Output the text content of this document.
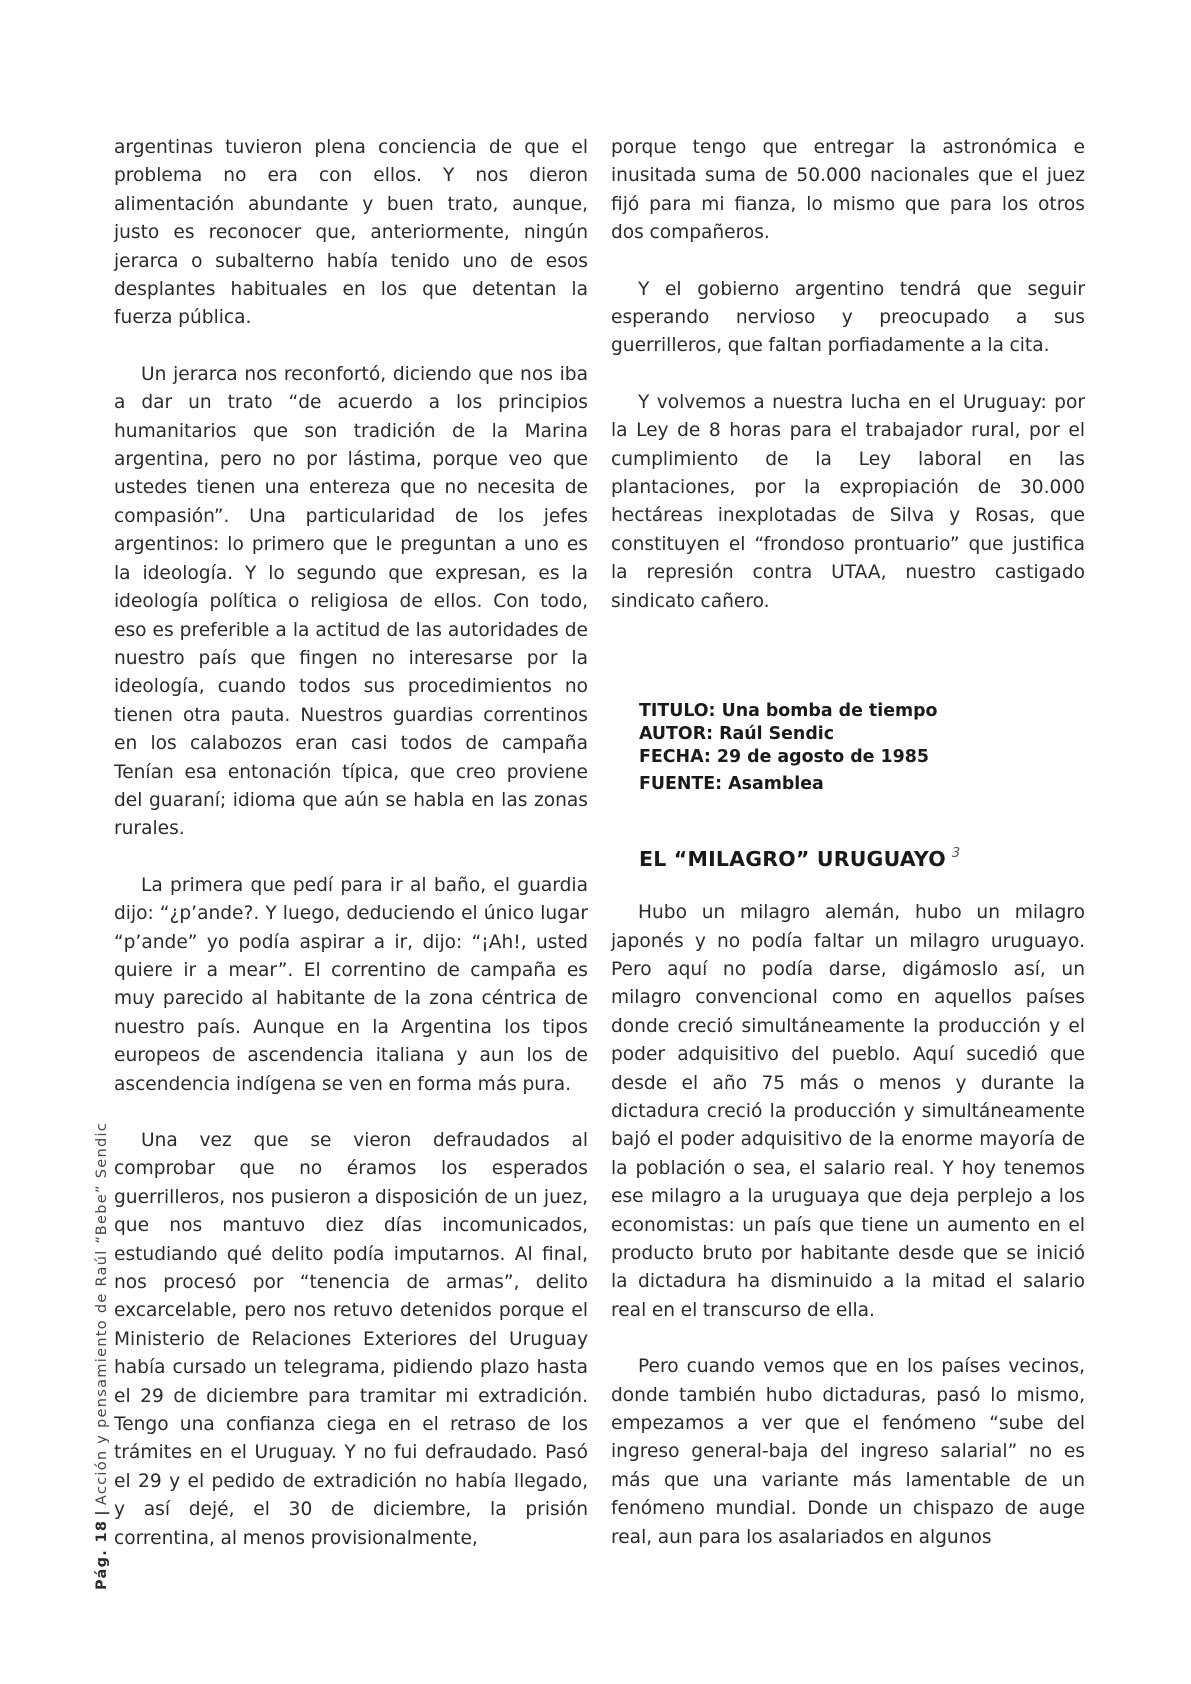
Pág. 18|Acción y pensamiento de Raúl “Bebe” Sendic

argentinas tuvieron plena conciencia de que el problema no era con ellos. Y nos dieron alimentación abundante y buen trato, aunque, justo es reconocer que, anteriormente, ningún jerarca o subalterno había tenido uno de esos desplantes habituales en los que detentan la fuerza pública.

Un jerarca nos reconfortó, diciendo que nos iba a dar un trato “de acuerdo a los principios humanitarios que son tradición de la Marina argentina, pero no por lástima, porque veo que ustedes tienen una entereza que no necesita de compasión”. Una particularidad de los jefes argentinos: lo primero que le preguntan a uno es la ideología. Y lo segundo que expresan, es la ideología política o religiosa de ellos. Con todo, eso es preferible a la actitud de las autoridades de nuestro país que fingen no interesarse por la ideología, cuando todos sus procedimientos no tienen otra pauta. Nuestros guardias correntinos en los calabozos eran casi todos de campaña Tenían esa entonación típica, que creo proviene del guaraní; idioma que aún se habla en las zonas rurales.

La primera que pedí para ir al baño, el guardia dijo: “¿p’ande?. Y luego, deduciendo el único lugar “p’ande” yo podía aspirar a ir, dijo: “¡Ah!, usted quiere ir a mear”. El correntino de campaña es muy parecido al habitante de la zona céntrica de nuestro país. Aunque en la Argentina los tipos europeos de ascendencia italiana y aun los de ascendencia indígena se ven en forma más pura.

Una vez que se vieron defraudados al comprobar que no éramos los esperados guerrilleros, nos pusieron a disposición de un juez, que nos mantuvo diez días incomunicados, estudiando qué delito podía imputarnos. Al final, nos procesó por “tenencia de armas”, delito excarcelable, pero nos retuvo detenidos porque el Ministerio de Relaciones Exteriores del Uruguay había cursado un telegrama, pidiendo plazo hasta el 29 de diciembre para tramitar mi extradición. Tengo una confianza ciega en el retraso de los trámites en el Uruguay. Y no fui defraudado. Pasó el 29 y el pedido de extradición no había llegado, y así dejé, el 30 de diciembre, la prisión correntina, al menos provisionalmente,

porque tengo que entregar la astronómica e inusitada suma de 50.000 nacionales que el juez fijó para mi fianza, lo mismo que para los otros dos compañeros.

Y el gobierno argentino tendrá que seguir esperando nervioso y preocupado a sus guerrilleros, que faltan porfiadamente a la cita.

Y volvemos a nuestra lucha en el Uruguay: por la Ley de 8 horas para el trabajador rural, por el cumplimiento de la Ley laboral en las plantaciones, por la expropiación de 30.000 hectáreas inexplotadas de Silva y Rosas, que constituyen el “frondoso prontuario” que justifica la represión contra UTAA, nuestro castigado sindicato cañero.

TITULO: Una bomba de tiempo
AUTOR: Raúl Sendic
FECHA: 29 de agosto de 1985
FUENTE: Asamblea
EL “MILAGRO” URUGUAYO $^3$

Hubo un milagro alemán, hubo un milagro japonés y no podía faltar un milagro uruguayo. Pero aquí no podía darse, digámoslo así, un milagro convencional como en aquellos países donde creció simultáneamente la producción y el poder adquisitivo del pueblo. Aquí sucedió que desde el año 75 más o menos y durante la dictadura creció la producción y simultáneamente bajó el poder adquisitivo de la enorme mayoría de la población o sea, el salario real. Y hoy tenemos ese milagro a la uruguaya que deja perplejo a los economistas: un país que tiene un aumento en el producto bruto por habitante desde que se inició la dictadura ha disminuido a la mitad el salario real en el transcurso de ella.

Pero cuando vemos que en los países vecinos, donde también hubo dictaduras, pasó lo mismo, empezamos a ver que el fenómeno “sube del ingreso general-baja del ingreso salarial” no es más que una variante más lamentable de un fenómeno mundial. Donde un chispazo de auge real, aun para los asalariados en algunos
